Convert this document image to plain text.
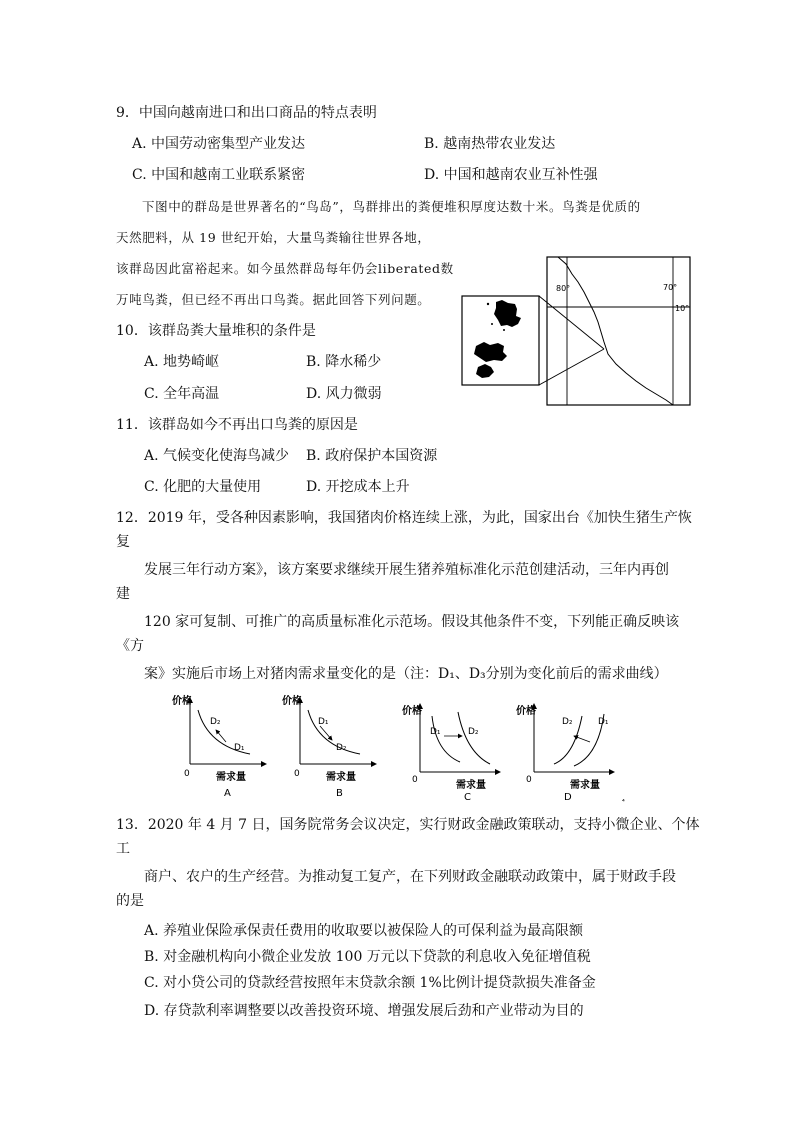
9．中国向越南进口和出口商品的特点表明
A. 中国劳动密集型产业发达	B. 越南热带农业发达
C. 中国和越南工业联系紧密	D. 中国和越南农业互补性强
下图中的群岛是世界著名的“鸟岛”，鸟群排出的粪便堆积厚度达数十米。鸟粪是优质的
天然肥料，从 19 世纪开始，大量鸟粪输往世界各地，
该群岛因此富裕起来。如今虽然群岛每年仍会liberated数
万吨鸟粪，但已经不再出口鸟粪。据此回答下列问题。
80°	70°
10°
10．该群岛粪大量堆积的条件是
A. 地势崎岖	B. 降水稀少
C. 全年高温	D. 风力微弱
11．该群岛如今不再出口鸟粪的原因是
A. 气候变化使海鸟减少 B. 政府保护本国资源
C. 化肥的大量使用	D. 开挖成本上升
12．2019 年，受各种因素影响，我国猪肉价格连续上涨，为此，国家出台《加快生猪生产恢
复
发展三年行动方案》，该方案要求继续开展生猪养殖标准化示范创建活动，三年内再创
建
120 家可复制、可推广的高质量标准化示范场。假设其他条件不变，下列能正确反映该
《方
案》实施后市场上对猪肉需求量变化的是（注：D₁、D₃分别为变化前后的需求曲线）
价格
0	需求量
D₂
D₁
A
价格
0	需求量
D₁
D₂
B
价格
0	需求量
D₁	D₂
C
价格
0	需求量
D₂	D₁
D	⁴
13．2020 年 4 月 7 日，国务院常务会议决定，实行财政金融政策联动，支持小微企业、个体
工
商户、农户的生产经营。为推动复工复产，在下列财政金融联动政策中，属于财政手段
的是
A. 养殖业保险承保责任费用的收取要以被保险人的可保利益为最高限额
B. 对金融机构向小微企业发放 100 万元以下贷款的利息收入免征增值税
C. 对小贷公司的贷款经营按照年末贷款余额 1%比例计提贷款损失准备金
D. 存贷款利率调整要以改善投资环境、增强发展后劲和产业带动为目的
